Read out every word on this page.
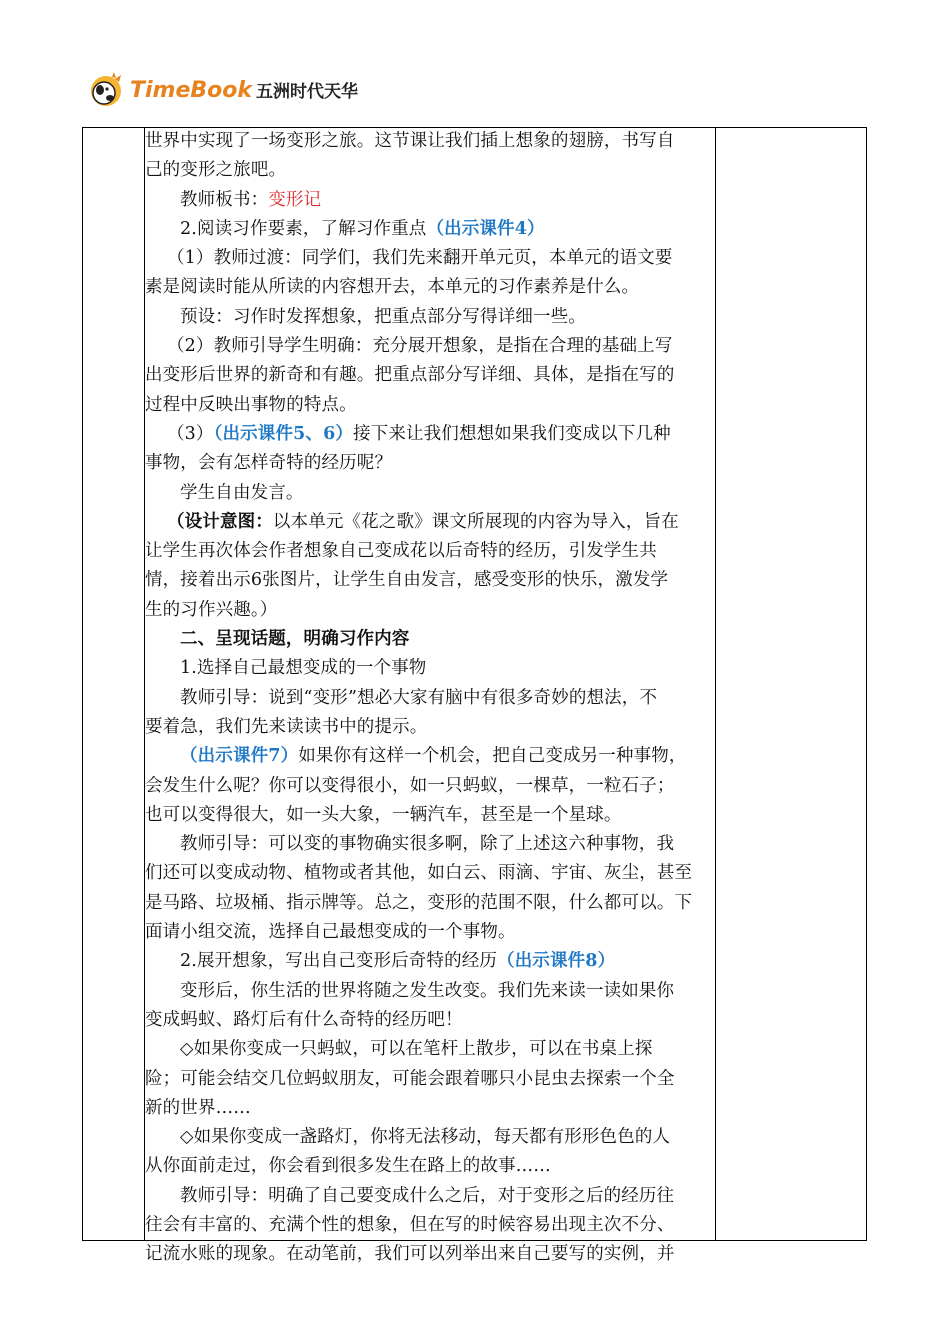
TimeBook 五洲时代天华
世界中实现了一场变形之旅。这节课让我们插上想象的翅膀，书写自
己的变形之旅吧。
教师板书：变形记
2.阅读习作要素，了解习作重点（出示课件4）
（1）教师过渡：同学们，我们先来翻开单元页，本单元的语文要
素是阅读时能从所读的内容想开去，本单元的习作素养是什么。
预设：习作时发挥想象，把重点部分写得详细一些。
（2）教师引导学生明确：充分展开想象，是指在合理的基础上写
出变形后世界的新奇和有趣。把重点部分写详细、具体，是指在写的
过程中反映出事物的特点。
（3）（出示课件5、6）接下来让我们想想如果我们变成以下几种
事物，会有怎样奇特的经历呢？
学生自由发言。
（设计意图：以本单元《花之歌》课文所展现的内容为导入，旨在
让学生再次体会作者想象自己变成花以后奇特的经历，引发学生共
情，接着出示6张图片，让学生自由发言，感受变形的快乐，激发学
生的习作兴趣。）
二、呈现话题，明确习作内容
1.选择自己最想变成的一个事物
教师引导：说到“变形”想必大家有脑中有很多奇妙的想法，不
要着急，我们先来读读书中的提示。
（出示课件7）如果你有这样一个机会，把自己变成另一种事物，
会发生什么呢？你可以变得很小，如一只蚂蚁，一棵草，一粒石子；
也可以变得很大，如一头大象，一辆汽车，甚至是一个星球。
教师引导：可以变的事物确实很多啊，除了上述这六种事物，我
们还可以变成动物、植物或者其他，如白云、雨滴、宇宙、灰尘，甚至
是马路、垃圾桶、指示牌等。总之，变形的范围不限，什么都可以。下
面请小组交流，选择自己最想变成的一个事物。
2.展开想象，写出自己变形后奇特的经历（出示课件8）
变形后，你生活的世界将随之发生改变。我们先来读一读如果你
变成蚂蚁、路灯后有什么奇特的经历吧！
◇如果你变成一只蚂蚁，可以在笔杆上散步，可以在书桌上探
险；可能会结交几位蚂蚁朋友，可能会跟着哪只小昆虫去探索一个全
新的世界……
◇如果你变成一盏路灯，你将无法移动，每天都有形形色色的人
从你面前走过，你会看到很多发生在路上的故事……
教师引导：明确了自己要变成什么之后，对于变形之后的经历往
往会有丰富的、充满个性的想象，但在写的时候容易出现主次不分、
记流水账的现象。在动笔前，我们可以列举出来自己要写的实例，并
